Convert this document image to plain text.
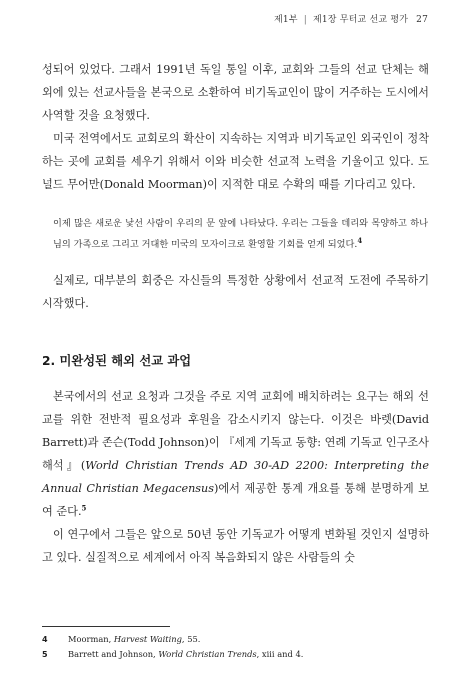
제1부 | 제1장 무터교 선교 평가 27

성되어 있었다. 그래서 1991년 독일 통일 이후, 교회와 그들의 선교 단체는 해외에 있는 선교사들을 본국으로 소환하여 비기독교인이 많이 거주하는 도시에서 사역할 것을 요청했다.

미국 전역에서도 교회로의 확산이 지속하는 지역과 비기독교인 외국인이 정착하는 곳에 교회를 세우기 위해서 이와 비슷한 선교적 노력을 기울이고 있다. 도널드 무어만(Donald Moorman)이 지적한 대로 수확의 때를 기다리고 있다.

이제 많은 새로운 낯선 사람이 우리의 문 앞에 나타났다. 우리는 그들을 데리와 목양하고 하나님의 가족으로 그리고 거대한 미국의 모자이크로 환영할 기회를 얻게 되었다.$^4$

실제로, 대부분의 회중은 자신들의 특정한 상황에서 선교적 도전에 주목하기 시작했다.

2. 미완성된 해외 선교 과업

본국에서의 선교 요청과 그것을 주로 지역 교회에 배치하려는 요구는 해외 선교를 위한 전반적 필요성과 후원을 감소시키지 않는다. 이것은 바렛(David Barrett)과 존슨(Todd Johnson)이 『세계 기독교 동향: 연례 기독교 인구조사 해석』(World Christian Trends AD 30-AD 2200: Interpreting the Annual Christian Megacensus)에서 제공한 통계 개요를 통해 분명하게 보여 준다.$^5$

이 연구에서 그들은 앞으로 50년 동안 기독교가 어떻게 변화될 것인지 설명하고 있다. 실질적으로 세계에서 아직 복음화되지 않은 사람들의 숫

4 Moorman, Harvest Waiting, 55.
5 Barrett and Johnson, World Christian Trends, xiii and 4.
